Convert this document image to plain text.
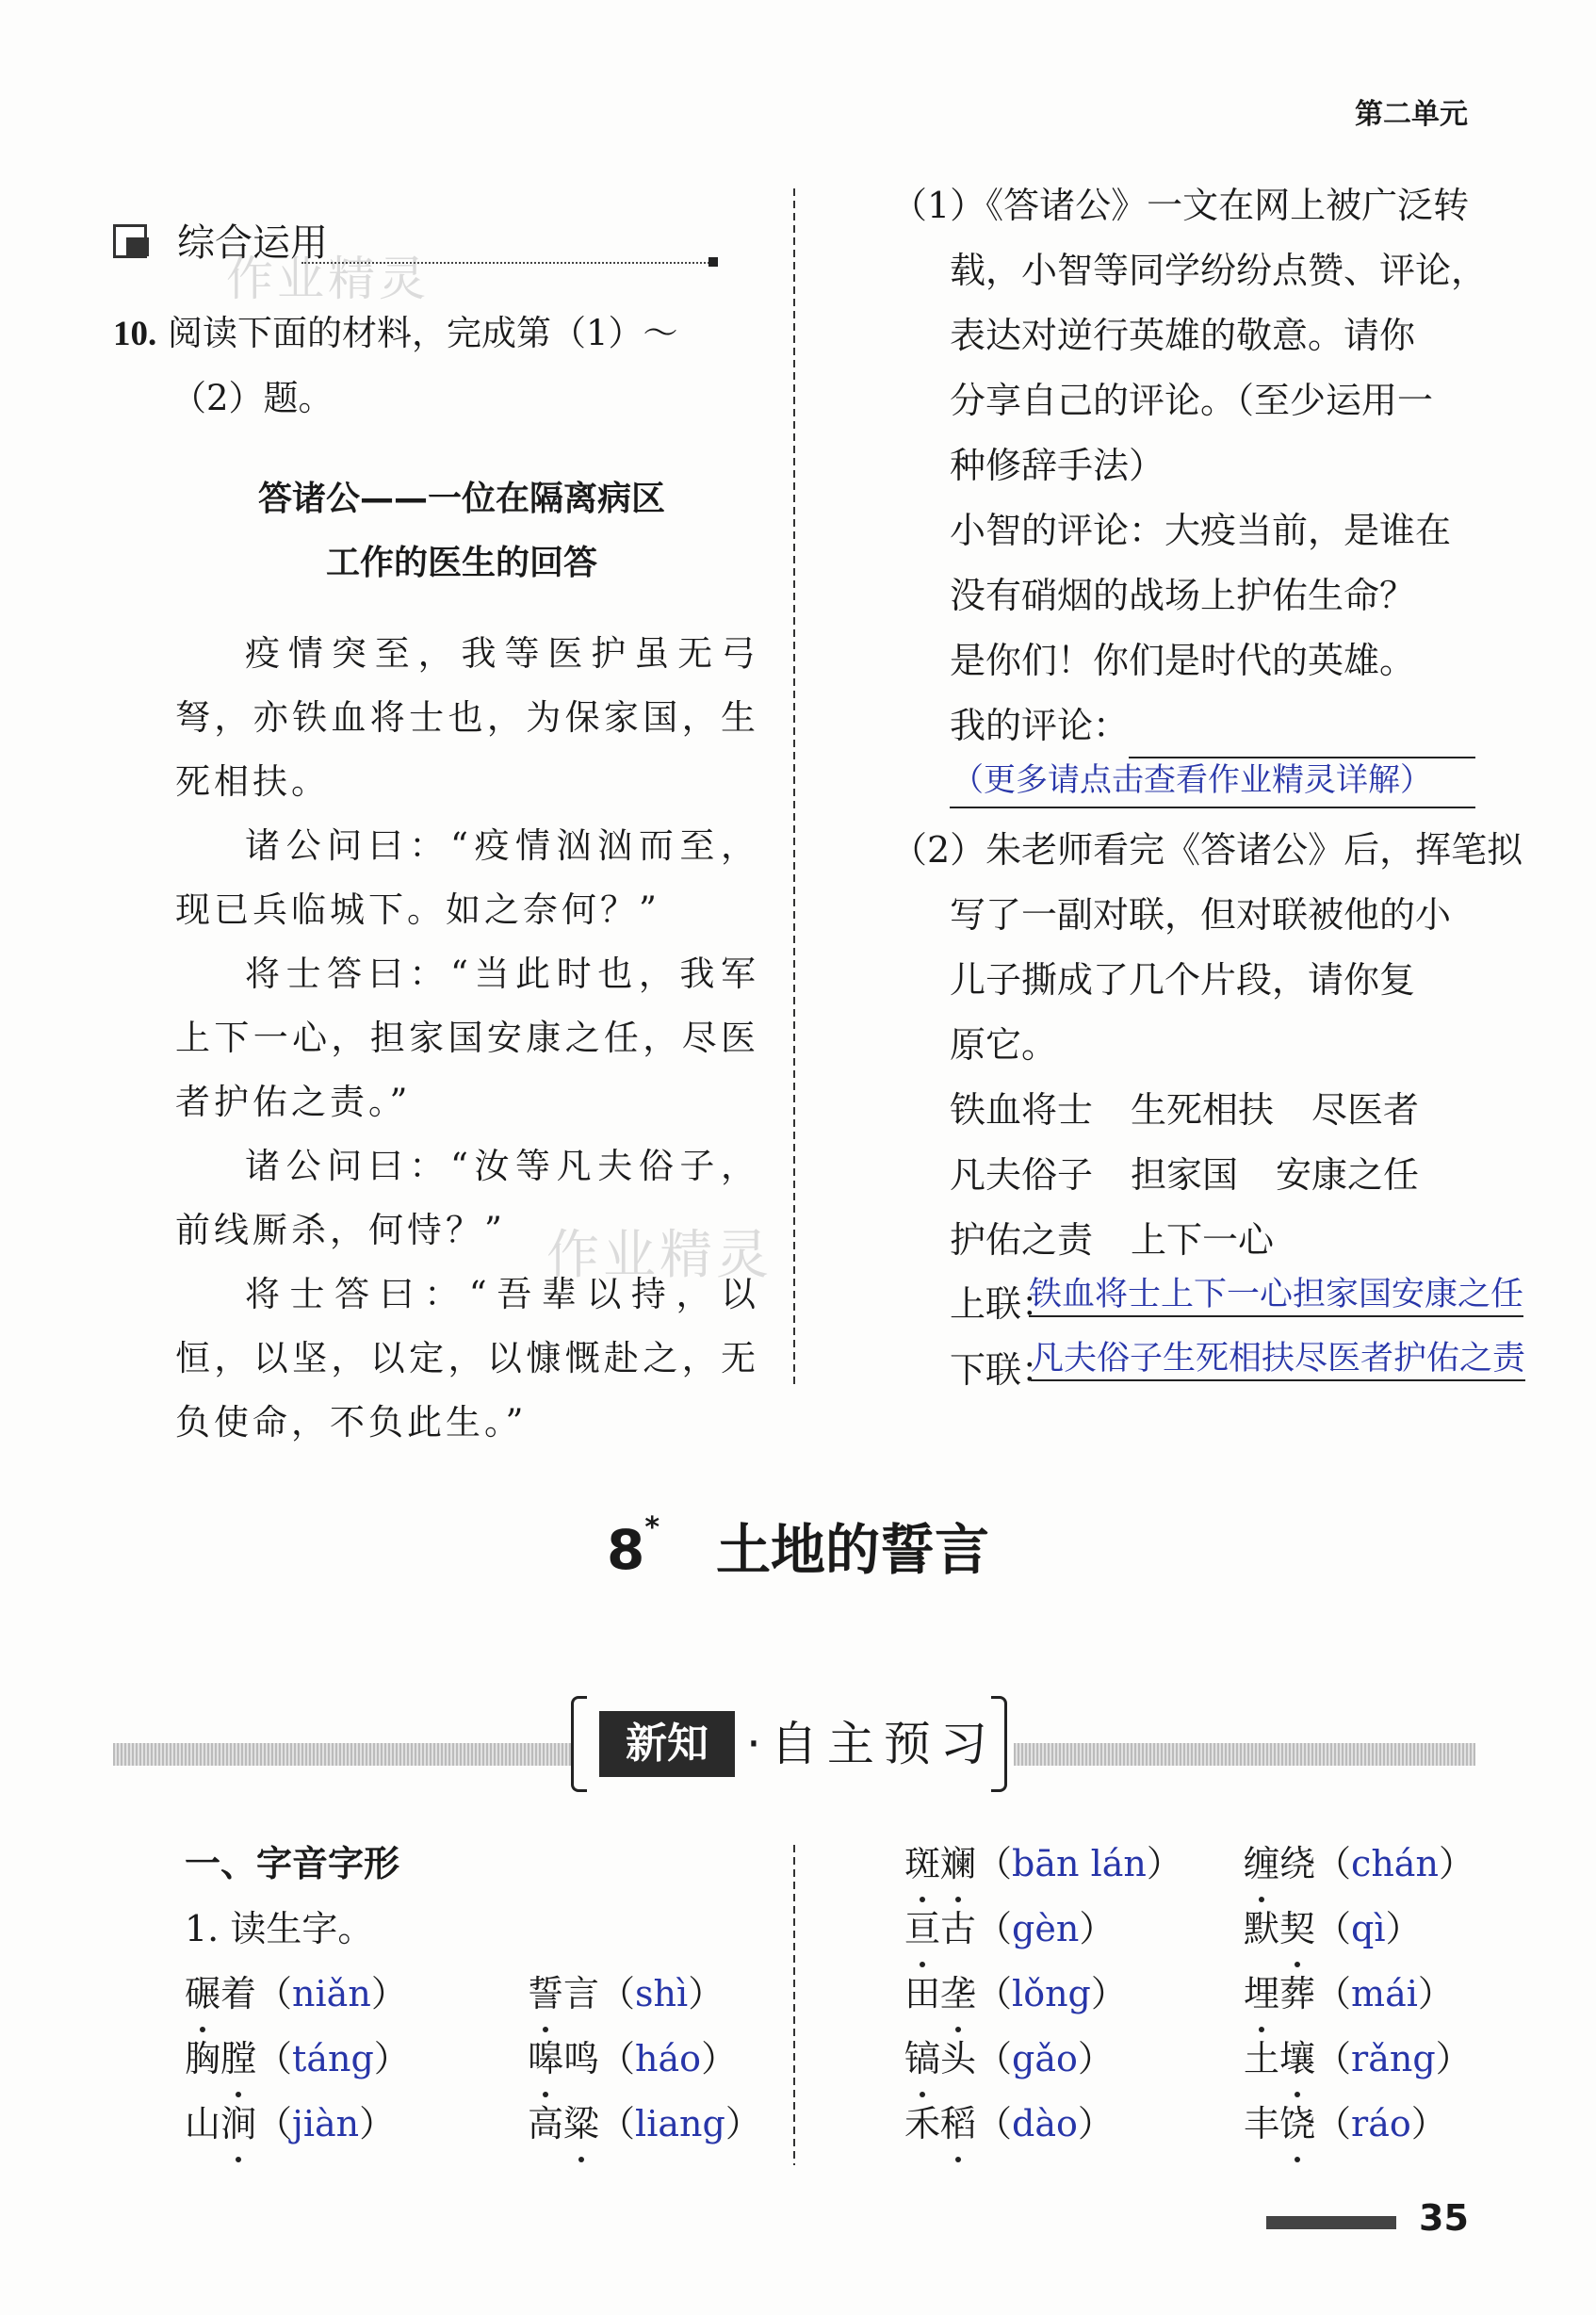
第二单元
综合运用
作业精灵
10. 阅读下面的材料，完成第（1）～
（2）题。
答诸公——一位在隔离病区
工作的医生的回答

疫情突至，我等医护虽无弓弩，亦铁血将士也，为保家国，生死相扶。

诸公问曰：“疫情汹汹而至，现已兵临城下。如之奈何？”

将士答曰：“当此时也，我军上下一心，担家国安康之任，尽医者护佑之责。”

诸公问曰：“汝等凡夫俗子，前线厮杀，何恃？”

将士答曰：“吾辈以持，以恒，以坚，以定，以慷慨赴之，无负使命，不负此生。”

作业精灵
（1）《答诸公》一文在网上被广泛转
载，小智等同学纷纷点赞、评论，
表达对逆行英雄的敬意。请你
分享自己的评论。（至少运用一
种修辞手法）
小智的评论：大疫当前，是谁在
没有硝烟的战场上护佑生命？
是你们！你们是时代的英雄。
我的评论：
（更多请点击查看作业精灵详解）
（2）朱老师看完《答诸公》后，挥笔拟
写了一副对联，但对联被他的小
儿子撕成了几个片段，请你复
原它。
铁血将士 生死相扶 尽医者
凡夫俗子 担家国 安康之任
护佑之责 上下一心
上联：
铁血将士上下一心担家国安康之任
下联：
凡夫俗子生死相扶尽医者护佑之责
8* 土地的誓言
新知 ·自主预习
一、字音字形
1. 读生字。
碾着（niǎn）	誓言（shì）
胸膛（táng）	嗥鸣（háo）
山涧（jiàn）	高粱（liang）
斑斓（bān lán） 缠绕（chán）
亘古（gèn）	默契（qì）
田垄（lǒng）	埋葬（mái）
镐头（gǎo）	土壤（rǎng）
禾稻（dào）	丰饶（ráo）
35
